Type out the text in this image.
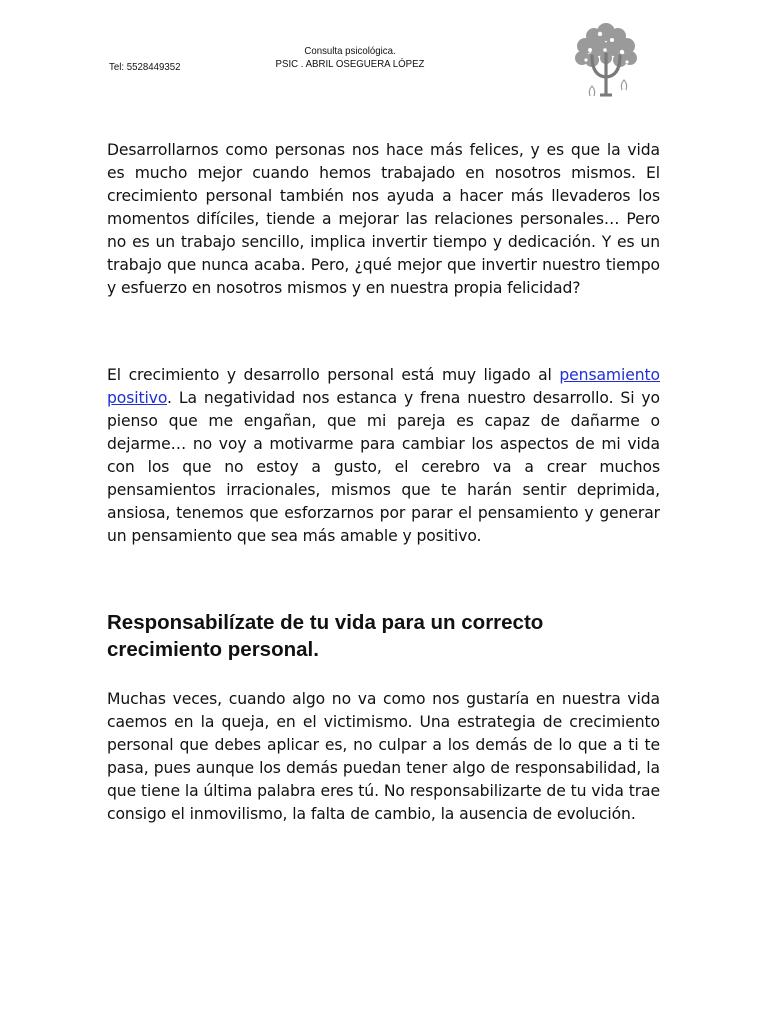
Tel: 5528449352
Consulta psicológica.
PSIC . ABRIL OSEGUERA LÓPEZ

Desarrollarnos como personas nos hace más felices, y es que la vida es mucho mejor cuando hemos trabajado en nosotros mismos. El crecimiento personal también nos ayuda a hacer más llevaderos los momentos difíciles, tiende a mejorar las relaciones personales… Pero no es un trabajo sencillo, implica invertir tiempo y dedicación. Y es un trabajo que nunca acaba. Pero, ¿qué mejor que invertir nuestro tiempo y esfuerzo en nosotros mismos y en nuestra propia felicidad?

El crecimiento y desarrollo personal está muy ligado al pensamiento positivo. La negatividad nos estanca y frena nuestro desarrollo. Si yo pienso que me engañan, que mi pareja es capaz de dañarme o dejarme… no voy a motivarme para cambiar los aspectos de mi vida con los que no estoy a gusto, el cerebro va a crear muchos pensamientos irracionales, mismos que te harán sentir deprimida, ansiosa, tenemos que esforzarnos por parar el pensamiento y generar un pensamiento que sea más amable y positivo.

Responsabilízate de tu vida para un correcto crecimiento personal.

Muchas veces, cuando algo no va como nos gustaría en nuestra vida caemos en la queja, en el victimismo. Una estrategia de crecimiento personal que debes aplicar es, no culpar a los demás de lo que a ti te pasa, pues aunque los demás puedan tener algo de responsabilidad, la que tiene la última palabra eres tú. No responsabilizarte de tu vida trae consigo el inmovilismo, la falta de cambio, la ausencia de evolución.
